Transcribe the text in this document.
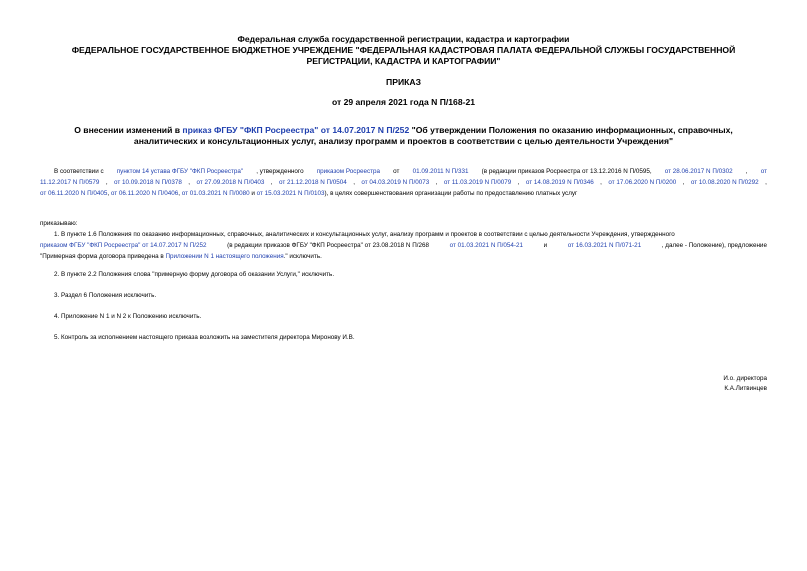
Федеральная служба государственной регистрации, кадастра и картографии
ФЕДЕРАЛЬНОЕ ГОСУДАРСТВЕННОЕ БЮДЖЕТНОЕ УЧРЕЖДЕНИЕ "ФЕДЕРАЛЬНАЯ КАДАСТРОВАЯ ПАЛАТА ФЕДЕРАЛЬНОЙ СЛУЖБЫ ГОСУДАРСТВЕННОЙ
РЕГИСТРАЦИИ, КАДАСТРА И КАРТОГРАФИИ"
ПРИКАЗ
от 29 апреля 2021 года N П/168-21
О внесении изменений в приказ ФГБУ "ФКП Росреестра" от 14.07.2017 N П/252 "Об утверждении Положения по оказанию информационных, справочных,
аналитических и консультационных услуг, анализу программ и проектов в соответствии с целью деятельности Учреждения"
В соответствии с пунктом 14 устава ФГБУ "ФКП Росреестра" , утвержденного приказом Росреестра от 01.09.2011 N П/331 (в редакции приказов Росреестра от 13.12.2016 N П/0595, от 28.06.2017 N П/0302 , от
11.12.2017 N П/0579 , от 10.09.2018 N П/0378 , от 27.09.2018 N П/0403 , от 21.12.2018 N П/0504 , от 04.03.2019 N П/0073 , от 11.03.2019 N П/0079 , от 14.08.2019 N П/0346 , от 17.06.2020 N П/0200 , от 10.08.2020 N П/0292 ,
от 06.11.2020 N П/0405, от 06.11.2020 N П/0406, от 01.03.2021 N П/0080 и от 15.03.2021 N П/0103), в целях совершенствования организации работы по предоставлению платных услуг
приказываю:
1. В пункте 1.6 Положения по оказанию информационных, справочных, аналитических и консультационных услуг, анализу программ и проектов в соответствии с целью деятельности Учреждения, утвержденного
приказом ФГБУ "ФКП Росреестра" от 14.07.2017 N П/252	(в редакции приказов ФГБУ "ФКП Росреестра" от 23.08.2018 N П/268	от 01.03.2021 N П/054-21	и	от 16.03.2021 N П/071-21	, далее - Положение), предложение
"Примерная форма договора приведена в Приложении N 1 настоящего положения." исключить.
2. В пункте 2.2 Положения слова "примерную форму договора об оказании Услуги," исключить.
3. Раздел 6 Положения исключить.
4. Приложение N 1 и N 2 к Положению исключить.
5. Контроль за исполнением настоящего приказа возложить на заместителя директора Миронову И.В.
И.о. директора
К.А.Литвинцев
